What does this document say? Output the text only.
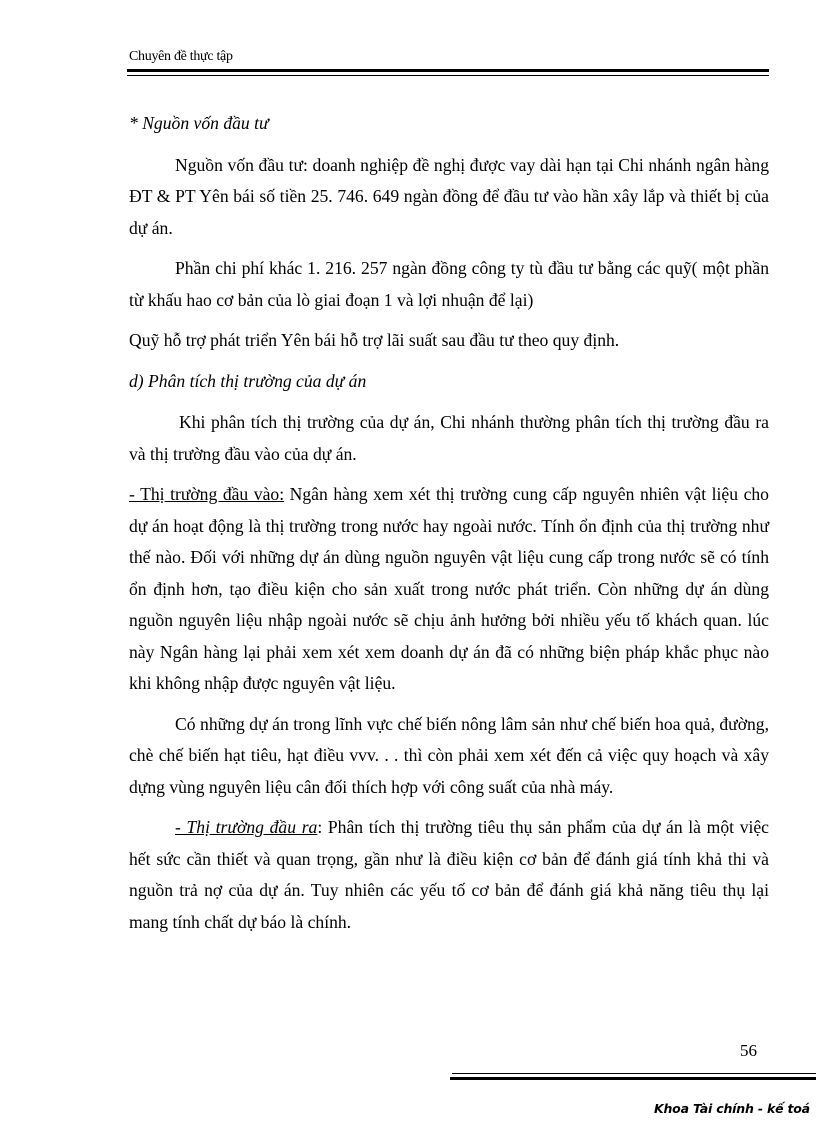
Chuyên đề thực tập

* Nguồn vốn đầu tư

Nguồn vốn đầu tư: doanh nghiệp đề nghị được vay dài hạn tại Chi nhánh ngân hàng ĐT & PT Yên bái số tiền 25. 746. 649 ngàn đồng để đầu tư vào hần xây lắp và thiết bị của dự án.

Phần chi phí khác 1. 216. 257 ngàn đồng công ty tù đầu tư bằng các quỹ( một phần từ khấu hao cơ bản của lò giai đoạn 1 và lợi nhuận để lại)

Quỹ hỗ trợ phát triển Yên bái hỗ trợ lãi suất sau đầu tư theo quy định.

d) Phân tích thị trường của dự án

Khi phân tích thị trường của dự án, Chi nhánh thường phân tích thị trường đầu ra và thị trường đầu vào của dự án.

- Thị trường đầu vào: Ngân hàng xem xét thị trường cung cấp nguyên nhiên vật liệu cho dự án hoạt động là thị trường trong nước hay ngoài nước. Tính ổn định của thị trường như thế nào. Đối với những dự án dùng nguồn nguyên vật liệu cung cấp trong nước sẽ có tính ổn định hơn, tạo điều kiện cho sản xuất trong nước phát triển. Còn những dự án dùng nguồn nguyên liệu nhập ngoài nước sẽ chịu ảnh hưởng bởi nhiều yếu tố khách quan. lúc này Ngân hàng lại phải xem xét xem doanh dự án đã có những biện pháp khắc phục nào khi không nhập được nguyên vật liệu.

Có những dự án trong lĩnh vực chế biến nông lâm sản như chế biến hoa quả, đường, chè chế biến hạt tiêu, hạt điều vvv. . . thì còn phải xem xét đến cả việc quy hoạch và xây dựng vùng nguyên liệu cân đối thích hợp với công suất của nhà máy.

- Thị trường đầu ra: Phân tích thị trường tiêu thụ sản phẩm của dự án là một việc hết sức cần thiết và quan trọng, gần như là điều kiện cơ bản để đánh giá tính khả thi và nguồn trả nợ của dự án. Tuy nhiên các yếu tố cơ bản để đánh giá khả năng tiêu thụ lại mang tính chất dự báo là chính.

56
Khoa Tài chính - kế toá
